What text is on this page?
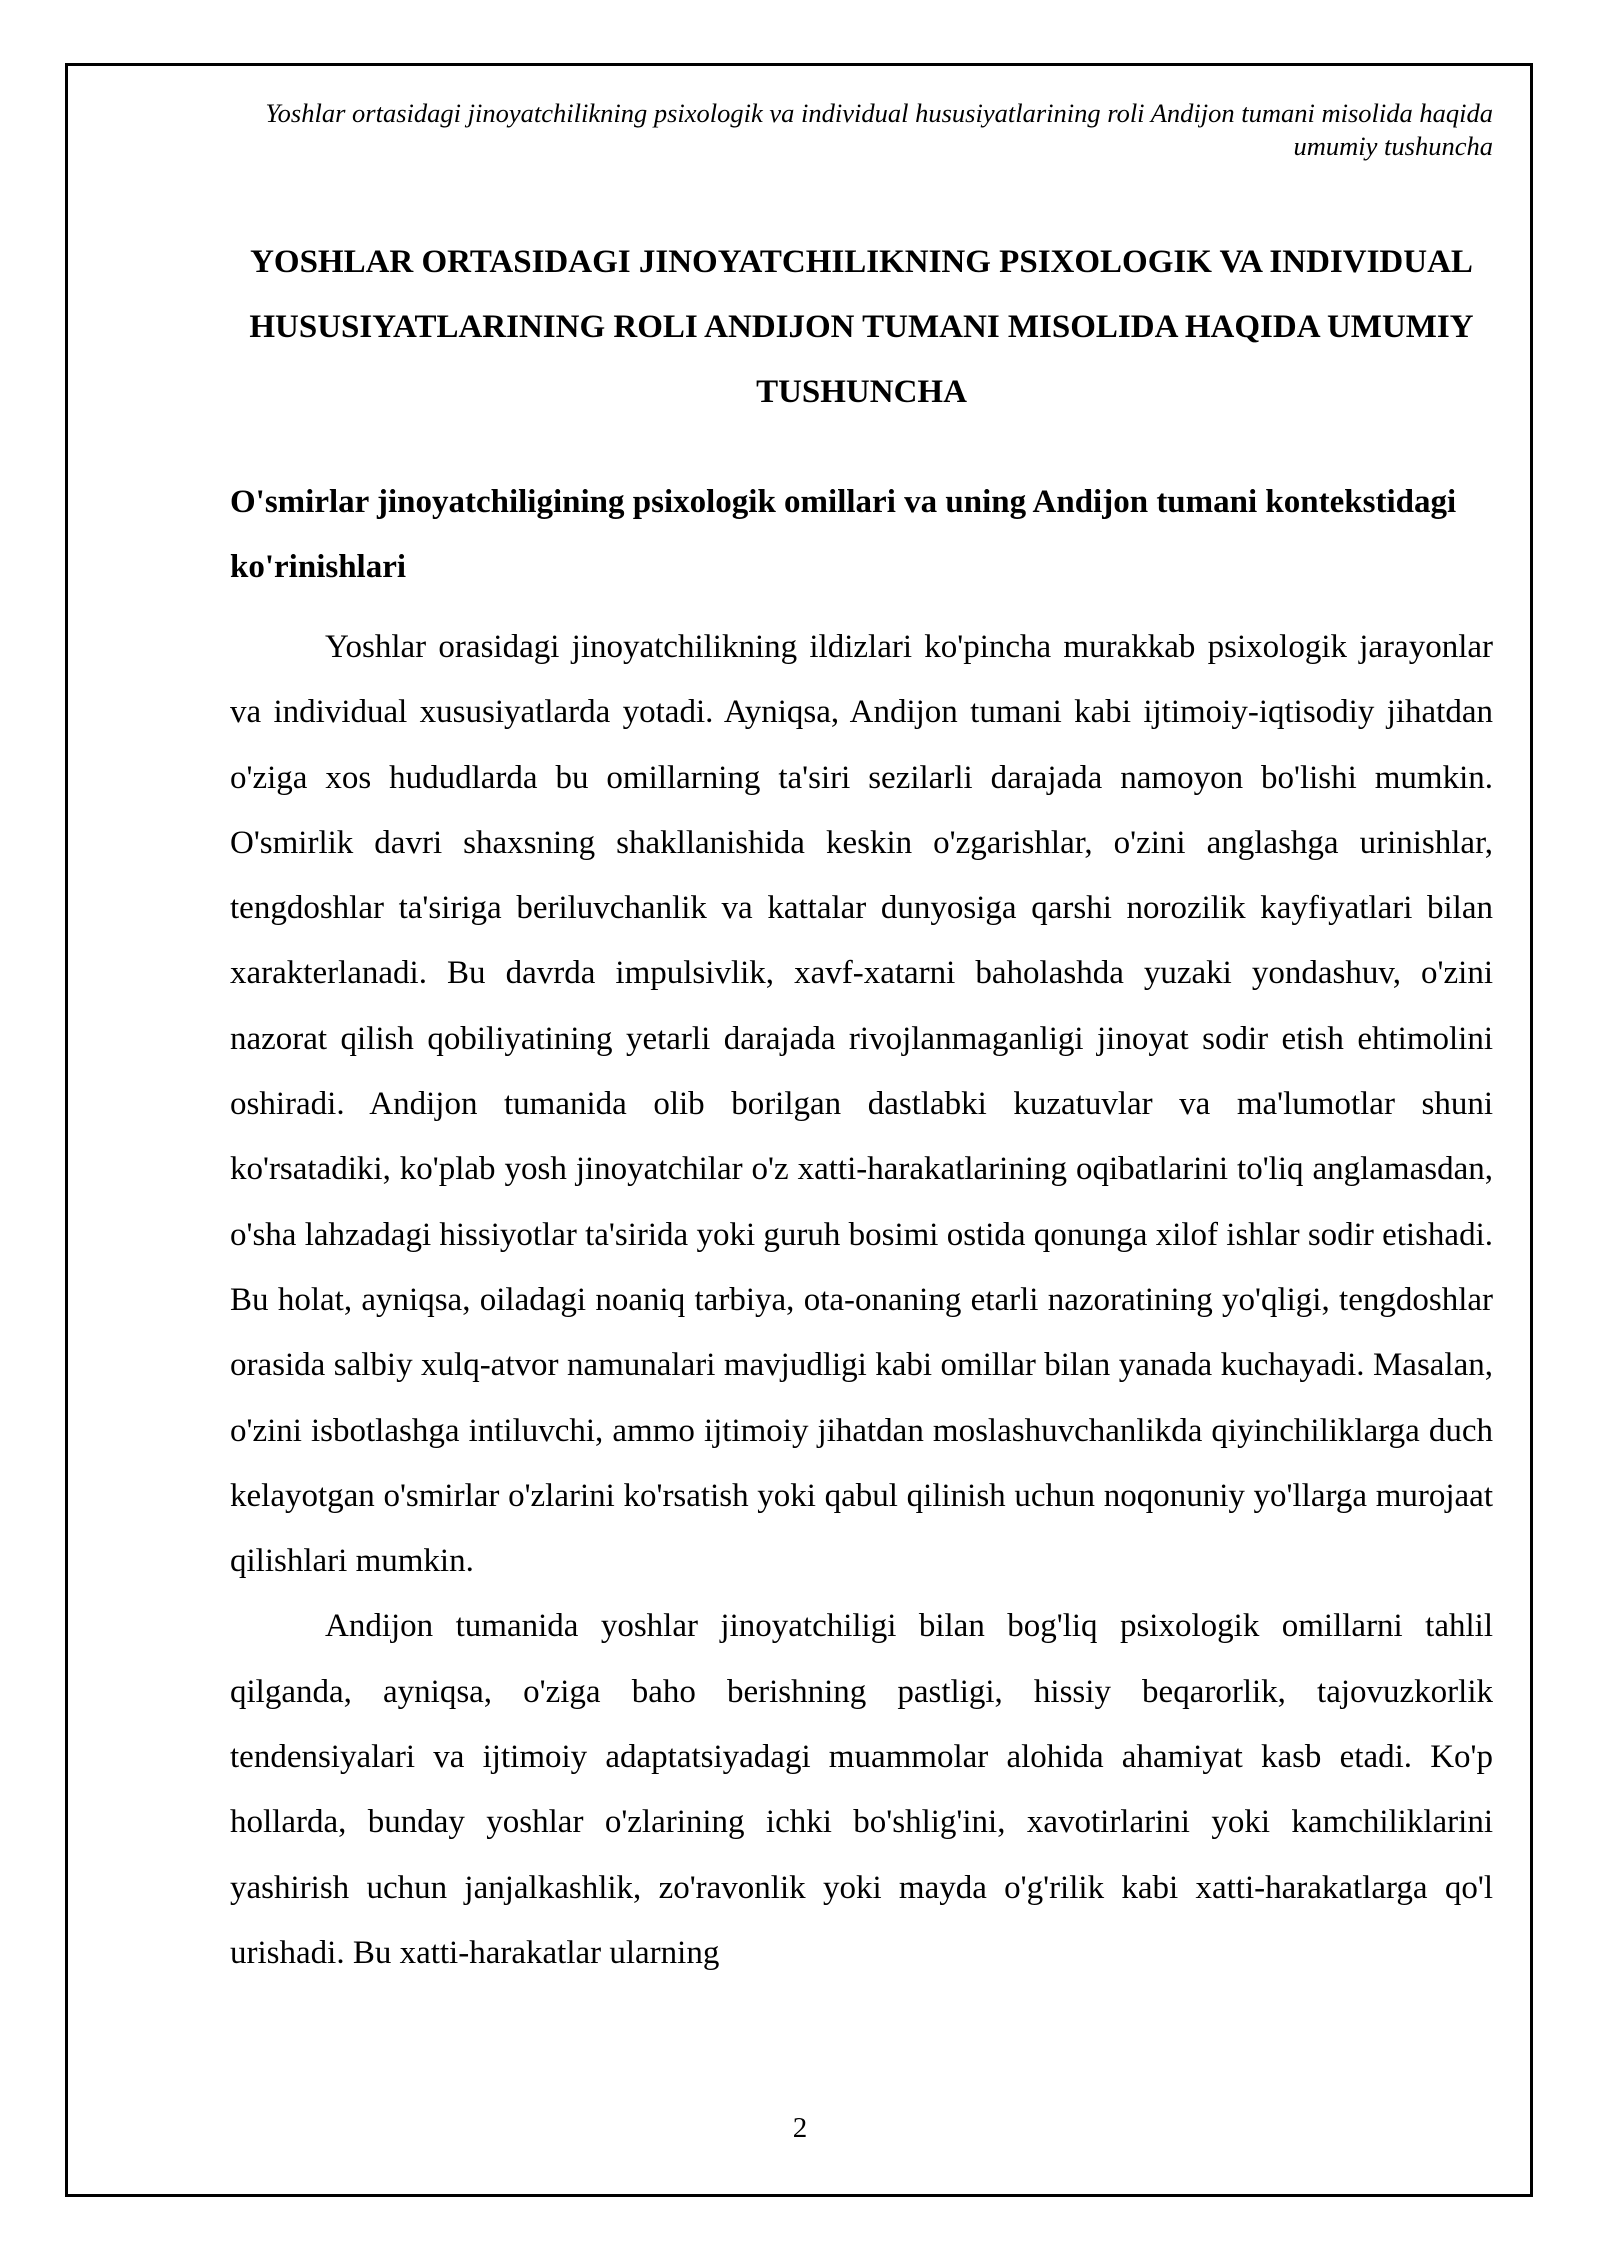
Yoshlar ortasidagi jinoyatchilikning psixologik va individual hususiyatlarining roli Andijon tumani misolida haqida umumiy tushuncha
YOSHLAR ORTASIDAGI JINOYATCHILIKNING PSIXOLOGIK VA INDIVIDUAL HUSUSIYATLARINING ROLI ANDIJON TUMANI MISOLIDA HAQIDA UMUMIY TUSHUNCHA
O'smirlar jinoyatchiligining psixologik omillari va uning Andijon tumani kontekstidagi ko'rinishlari

Yoshlar orasidagi jinoyatchilikning ildizlari ko'pincha murakkab psixologik jarayonlar va individual xususiyatlarda yotadi. Ayniqsa, Andijon tumani kabi ijtimoiy-iqtisodiy jihatdan o'ziga xos hududlarda bu omillarning ta'siri sezilarli darajada namoyon bo'lishi mumkin. O'smirlik davri shaxsning shakllanishida keskin o'zgarishlar, o'zini anglashga urinishlar, tengdoshlar ta'siriga beriluvchanlik va kattalar dunyosiga qarshi norozilik kayfiyatlari bilan xarakterlanadi. Bu davrda impulsivlik, xavf-xatarni baholashda yuzaki yondashuv, o'zini nazorat qilish qobiliyatining yetarli darajada rivojlanmaganligi jinoyat sodir etish ehtimolini oshiradi. Andijon tumanida olib borilgan dastlabki kuzatuvlar va ma'lumotlar shuni ko'rsatadiki, ko'plab yosh jinoyatchilar o'z xatti-harakatlarining oqibatlarini to'liq anglamasdan, o'sha lahzadagi hissiyotlar ta'sirida yoki guruh bosimi ostida qonunga xilof ishlar sodir etishadi. Bu holat, ayniqsa, oiladagi noaniq tarbiya, ota-onaning etarli nazoratining yo'qligi, tengdoshlar orasida salbiy xulq-atvor namunalari mavjudligi kabi omillar bilan yanada kuchayadi. Masalan, o'zini isbotlashga intiluvchi, ammo ijtimoiy jihatdan moslashuvchanlikda qiyinchiliklarga duch kelayotgan o'smirlar o'zlarini ko'rsatish yoki qabul qilinish uchun noqonuniy yo'llarga murojaat qilishlari mumkin.

Andijon tumanida yoshlar jinoyatchiligi bilan bog'liq psixologik omillarni tahlil qilganda, ayniqsa, o'ziga baho berishning pastligi, hissiy beqarorlik, tajovuzkorlik tendensiyalari va ijtimoiy adaptatsiyadagi muammolar alohida ahamiyat kasb etadi. Ko'p hollarda, bunday yoshlar o'zlarining ichki bo'shlig'ini, xavotirlarini yoki kamchiliklarini yashirish uchun janjalkashlik, zo'ravonlik yoki mayda o'g'rilik kabi xatti-harakatlarga qo'l urishadi. Bu xatti-harakatlar ularning

2
